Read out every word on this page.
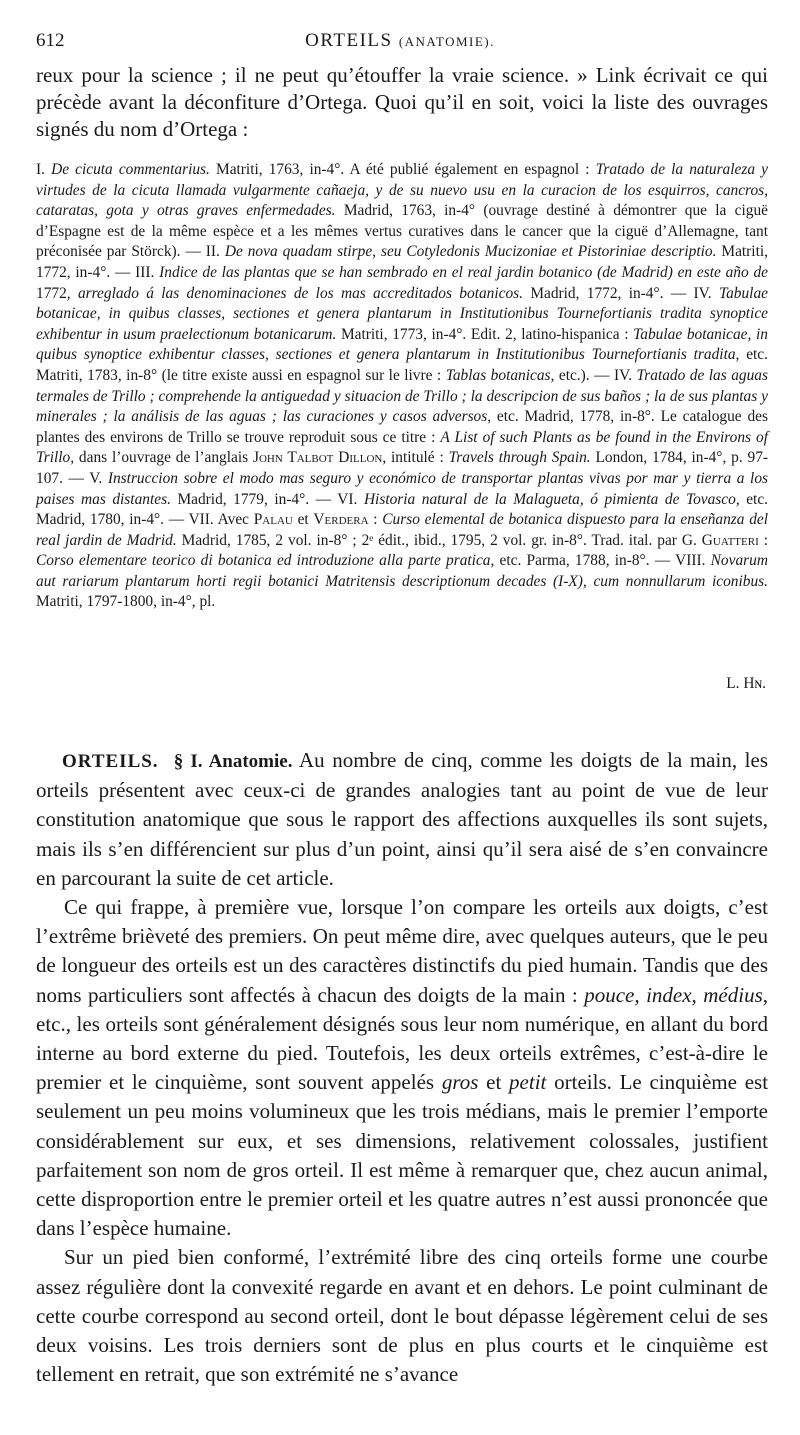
612	ORTEILS (ANATOMIE).

reux pour la science ; il ne peut qu’étouffer la vraie science. » Link écrivait ce qui précède avant la déconfiture d’Ortega. Quoi qu’il en soit, voici la liste des ouvrages signés du nom d’Ortega :

I. De cicuta commentarius. Matriti, 1763, in-4°. A été publié également en espagnol : Tratado de la naturaleza y virtudes de la cicuta llamada vulgarmente cañaeja, y de su nuevo usu en la curacion de los esquirros, cancros, cataratas, gota y otras graves enfermedades. Madrid, 1763, in-4° (ouvrage destiné à démontrer que la ciguë d’Espagne est de la même espèce et a les mêmes vertus curatives dans le cancer que la ciguë d’Allemagne, tant préconisée par Störck). — II. De nova quadam stirpe, seu Cotyledonis Mucizoniae et Pistoriniae descriptio. Matriti, 1772, in-4°. — III. Indice de las plantas que se han sembrado en el real jardin botanico (de Madrid) en este año de 1772, arreglado á las denominaciones de los mas accreditados botanicos. Madrid, 1772, in-4°. — IV. Tabulae botanicae, in quibus classes, sectiones et genera plantarum in Institutionibus Tournefortianis tradita synoptice exhibentur in usum praelectionum botanicarum. Matriti, 1773, in-4°. Edit. 2, latino-hispanica : Tabulae botanicae, in quibus synoptice exhibentur classes, sectiones et genera plantarum in Institutionibus Tournefortianis tradita, etc. Matriti, 1783, in-8° (le titre existe aussi en espagnol sur le livre : Tablas botanicas, etc.). — IV. Tratado de las aguas termales de Trillo ; comprehende la antiguedad y situacion de Trillo ; la descripcion de sus baños ; la de sus plantas y minerales ; la análisis de las aguas ; las curaciones y casos adversos, etc. Madrid, 1778, in-8°. Le catalogue des plantes des environs de Trillo se trouve reproduit sous ce titre : A List of such Plants as be found in the Environs of Trillo, dans l’ouvrage de l’anglais John Talbot Dillon, intitulé : Travels through Spain. London, 1784, in-4°, p. 97-107. — V. Instruccion sobre el modo mas seguro y económico de transportar plantas vivas por mar y tierra a los paises mas distantes. Madrid, 1779, in-4°. — VI. Historia natural de la Malagueta, ó pimienta de Tovasco, etc. Madrid, 1780, in-4°. — VII. Avec Palau et Verdera : Curso elemental de botanica dispuesto para la enseñanza del real jardin de Madrid. Madrid, 1785, 2 vol. in-8° ; 2ᵉ édit., ibid., 1795, 2 vol. gr. in-8°. Trad. ital. par G. Guatteri : Corso elementare teorico di botanica ed introduzione alla parte pratica, etc. Parma, 1788, in-8°. — VIII. Novarum aut rariarum plantarum horti regii botanici Matritensis descriptionum decades (I-X), cum nonnullarum iconibus. Matriti, 1797-1800, in-4°, pl.

L. Hɴ.

ORTEILS. § I. Anatomie. Au nombre de cinq, comme les doigts de la main, les orteils présentent avec ceux-ci de grandes analogies tant au point de vue de leur constitution anatomique que sous le rapport des affections auxquelles ils sont sujets, mais ils s’en différencient sur plus d’un point, ainsi qu’il sera aisé de s’en convaincre en parcourant la suite de cet article.

Ce qui frappe, à première vue, lorsque l’on compare les orteils aux doigts, c’est l’extrême brièveté des premiers. On peut même dire, avec quelques auteurs, que le peu de longueur des orteils est un des caractères distinctifs du pied humain. Tandis que des noms particuliers sont affectés à chacun des doigts de la main : pouce, index, médius, etc., les orteils sont généralement désignés sous leur nom numérique, en allant du bord interne au bord externe du pied. Toutefois, les deux orteils extrêmes, c’est-à-dire le premier et le cinquième, sont souvent appelés gros et petit orteils. Le cinquième est seulement un peu moins volumineux que les trois médians, mais le premier l’emporte considérablement sur eux, et ses dimensions, relativement colossales, justifient parfaitement son nom de gros orteil. Il est même à remarquer que, chez aucun animal, cette disproportion entre le premier orteil et les quatre autres n’est aussi prononcée que dans l’espèce humaine.

Sur un pied bien conformé, l’extrémité libre des cinq orteils forme une courbe assez régulière dont la convexité regarde en avant et en dehors. Le point culminant de cette courbe correspond au second orteil, dont le bout dépasse légèrement celui de ses deux voisins. Les trois derniers sont de plus en plus courts et le cinquième est tellement en retrait, que son extrémité ne s’avance
